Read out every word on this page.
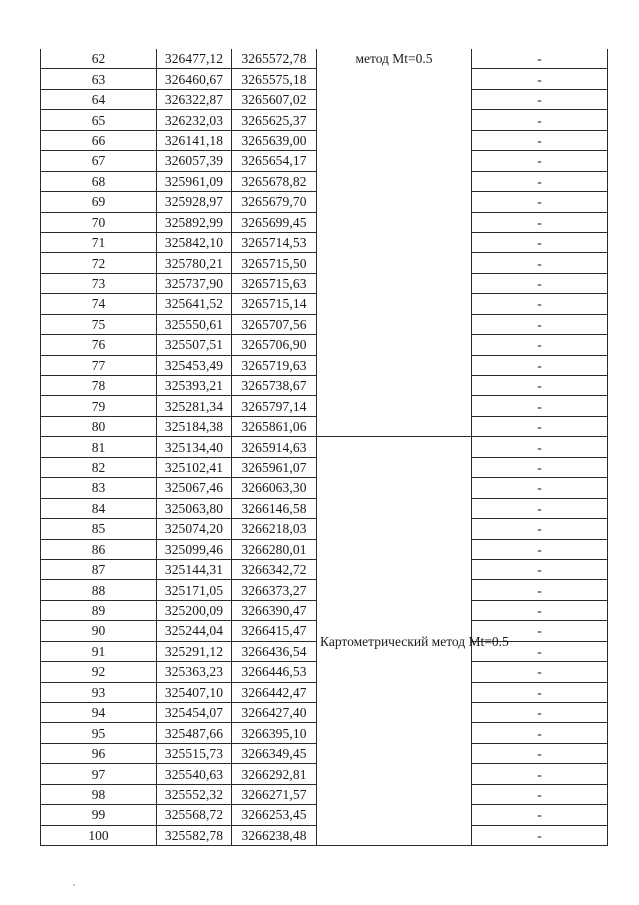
62	326477,12	3265572,78	метод Mt=0.5	-
63	326460,67	3265575,18		-
64	326322,87	3265607,02		-
65	326232,03	3265625,37		-
66	326141,18	3265639,00		-
67	326057,39	3265654,17		-
68	325961,09	3265678,82		-
69	325928,97	3265679,70		-
70	325892,99	3265699,45		-
71	325842,10	3265714,53		-
72	325780,21	3265715,50		-
73	325737,90	3265715,63		-
74	325641,52	3265715,14		-
75	325550,61	3265707,56		-
76	325507,51	3265706,90		-
77	325453,49	3265719,63		-
78	325393,21	3265738,67		-
79	325281,34	3265797,14		-
80	325184,38	3265861,06		-
81	325134,40	3265914,63	Картометрический метод Mt=0.5	-
82	325102,41	3265961,07		-
83	325067,46	3266063,30		-
84	325063,80	3266146,58		-
85	325074,20	3266218,03		-
86	325099,46	3266280,01		-
87	325144,31	3266342,72		-
88	325171,05	3266373,27		-
89	325200,09	3266390,47		-
90	325244,04	3266415,47		-
91	325291,12	3266436,54		-
92	325363,23	3266446,53		-
93	325407,10	3266442,47		-
94	325454,07	3266427,40		-
95	325487,66	3266395,10		-
96	325515,73	3266349,45		-
97	325540,63	3266292,81		-
98	325552,32	3266271,57		-
99	325568,72	3266253,45		-
100	325582,78	3266238,48		-
,
